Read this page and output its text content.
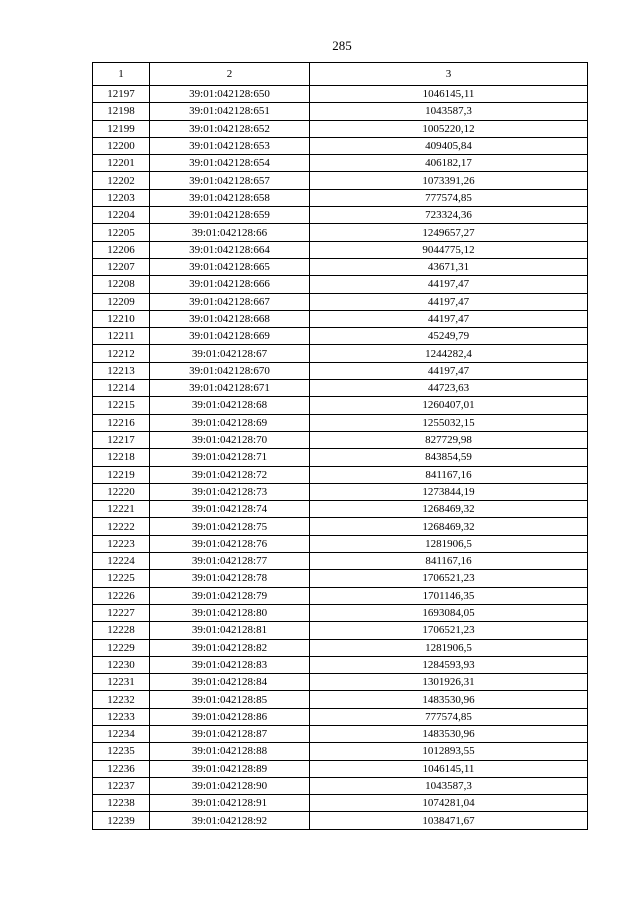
285
1	2	3
12197	39:01:042128:650	1046145,11
12198	39:01:042128:651	1043587,3
12199	39:01:042128:652	1005220,12
12200	39:01:042128:653	409405,84
12201	39:01:042128:654	406182,17
12202	39:01:042128:657	1073391,26
12203	39:01:042128:658	777574,85
12204	39:01:042128:659	723324,36
12205	39:01:042128:66	1249657,27
12206	39:01:042128:664	9044775,12
12207	39:01:042128:665	43671,31
12208	39:01:042128:666	44197,47
12209	39:01:042128:667	44197,47
12210	39:01:042128:668	44197,47
12211	39:01:042128:669	45249,79
12212	39:01:042128:67	1244282,4
12213	39:01:042128:670	44197,47
12214	39:01:042128:671	44723,63
12215	39:01:042128:68	1260407,01
12216	39:01:042128:69	1255032,15
12217	39:01:042128:70	827729,98
12218	39:01:042128:71	843854,59
12219	39:01:042128:72	841167,16
12220	39:01:042128:73	1273844,19
12221	39:01:042128:74	1268469,32
12222	39:01:042128:75	1268469,32
12223	39:01:042128:76	1281906,5
12224	39:01:042128:77	841167,16
12225	39:01:042128:78	1706521,23
12226	39:01:042128:79	1701146,35
12227	39:01:042128:80	1693084,05
12228	39:01:042128:81	1706521,23
12229	39:01:042128:82	1281906,5
12230	39:01:042128:83	1284593,93
12231	39:01:042128:84	1301926,31
12232	39:01:042128:85	1483530,96
12233	39:01:042128:86	777574,85
12234	39:01:042128:87	1483530,96
12235	39:01:042128:88	1012893,55
12236	39:01:042128:89	1046145,11
12237	39:01:042128:90	1043587,3
12238	39:01:042128:91	1074281,04
12239	39:01:042128:92	1038471,67
